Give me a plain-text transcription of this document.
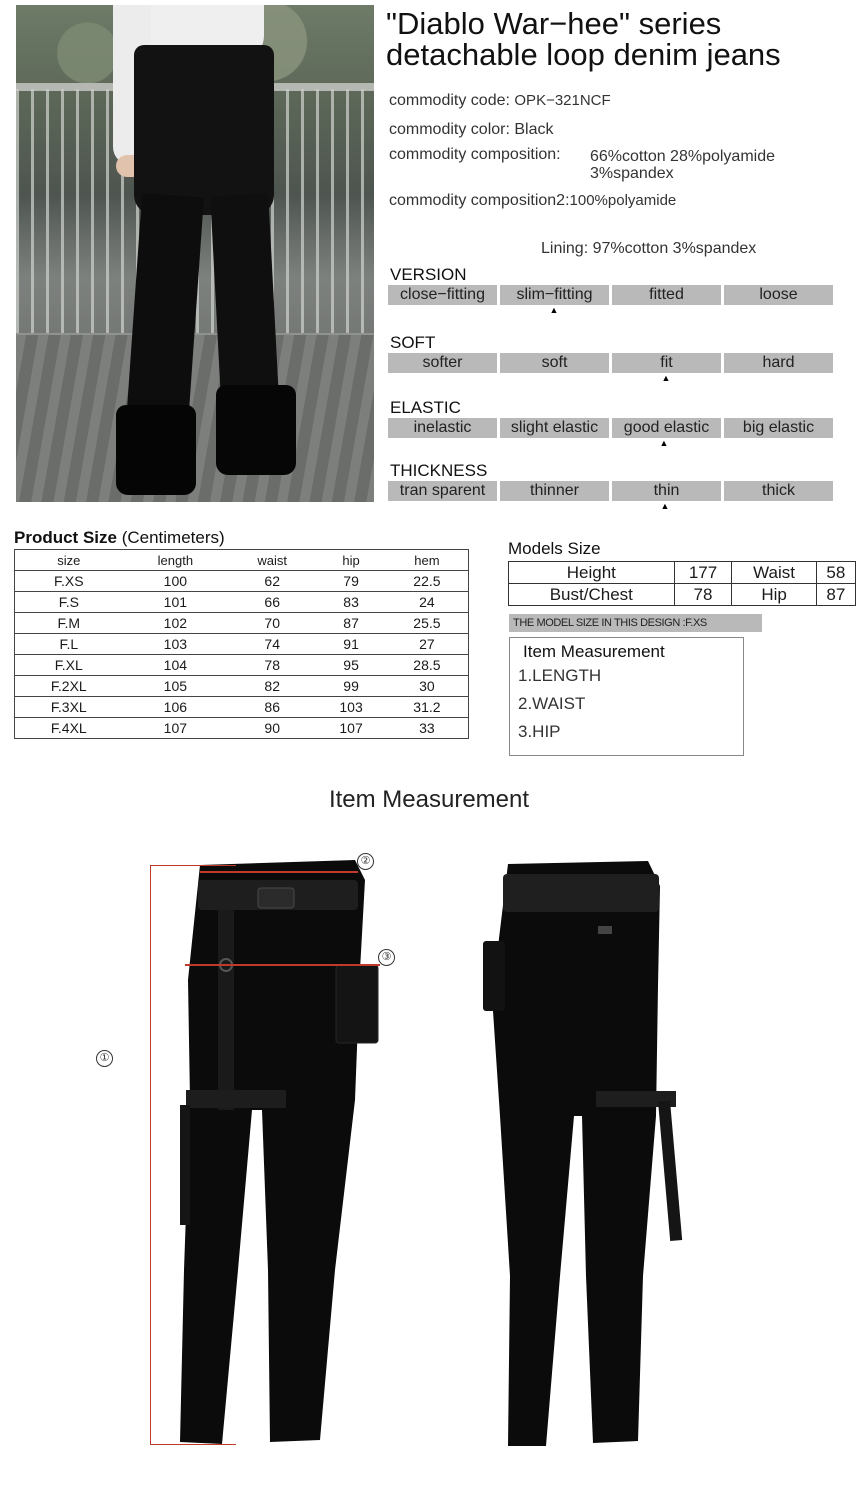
"Diablo War−hee" series
detachable loop denim jeans
commodity code: OPK−321NCF
commodity color: Black
commodity composition: 66%cotton 28%polyamide
3%spandex
commodity composition2:100%polyamide
Lining: 97%cotton 3%spandex
VERSION
close−fitting	slim−fitting	fitted	loose
▲
SOFT
softer	soft	fit	hard
▲
ELASTIC
inelastic	slight elastic	good elastic	big elastic
▲
THICKNESS
tran sparent	thinner	thin	thick
▲
Product Size (Centimeters)
size	length	waist	hip	hem
F.XS	100	62	79	22.5
F.S	101	66	83	24
F.M	102	70	87	25.5
F.L	103	74	91	27
F.XL	104	78	95	28.5
F.2XL	105	82	99	30
F.3XL	106	86	103	31.2
F.4XL	107	90	107	33
Models Size
Height	177	Waist	58
Bust/Chest	78	Hip	87
THE MODEL SIZE IN THIS DESIGN :F.XS
Item Measurement
1.LENGTH
2.WAIST
3.HIP
Item Measurement
①
②
③
